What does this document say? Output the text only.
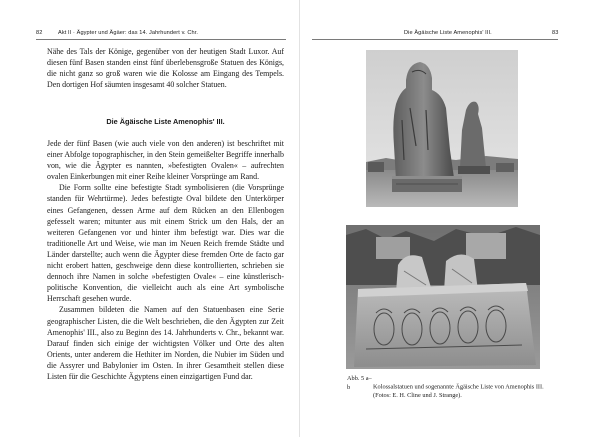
82	Akt II · Ägypter und Ägäer: das 14. Jahrhundert v. Chr.

Nähe des Tals der Könige, gegenüber von der heutigen Stadt Luxor. Auf diesen fünf Basen standen einst fünf überlebensgroße Statuen des Königs, die nicht ganz so groß waren wie die Kolosse am Eingang des Tempels. Den dortigen Hof säumten insgesamt 40 solcher Statuen.

Die Ägäische Liste Amenophis' III.

Jede der fünf Basen (wie auch viele von den anderen) ist beschriftet mit einer Abfolge topographischer, in den Stein gemeißelter Begriffe innerhalb von, wie die Ägypter es nannten, »befestigten Ovalen« – aufrechten ovalen Einkerbungen mit einer Reihe kleiner Vorsprünge am Rand.

Die Form sollte eine befestigte Stadt symbolisieren (die Vorsprünge standen für Wehrtürme). Jedes befestigte Oval bildete den Unterkörper eines Gefangenen, dessen Arme auf dem Rücken an den Ellenbogen gefesselt waren; mitunter aus mit einem Strick um den Hals, der an weiteren Gefangenen vor und hinter ihm befestigt war. Dies war die traditionelle Art und Weise, wie man im Neuen Reich fremde Städte und Länder darstellte; auch wenn die Ägypter diese fremden Orte de facto gar nicht erobert hatten, geschweige denn diese kontrollierten, schrieben sie dennoch ihre Namen in solche »befestigten Ovale« – eine künstlerisch-politische Konvention, die vielleicht auch als eine Art symbolische Herrschaft gesehen wurde.

Zusammen bildeten die Namen auf den Statuenbasen eine Serie geographischer Listen, die die Welt beschrieben, die den Ägypten zur Zeit Amenophis' III., also zu Beginn des 14. Jahrhunderts v. Chr., bekannt war. Darauf finden sich einige der wichtigsten Völker und Orte des alten Orients, unter anderem die Hethiter im Norden, die Nubier im Süden und die Assyrer und Babylonier im Osten. In ihrer Gesamtheit stellen diese Listen für die Geschichte Ägyptens einen einzigartigen Fund dar.

Die Ägäische Liste Amenophis' III.	83
Abb. 5 a–b	Kolossalstatuen und sogenannte Ägäische Liste von Amenophis III.
(Fotos: E. H. Cline und J. Strange).
